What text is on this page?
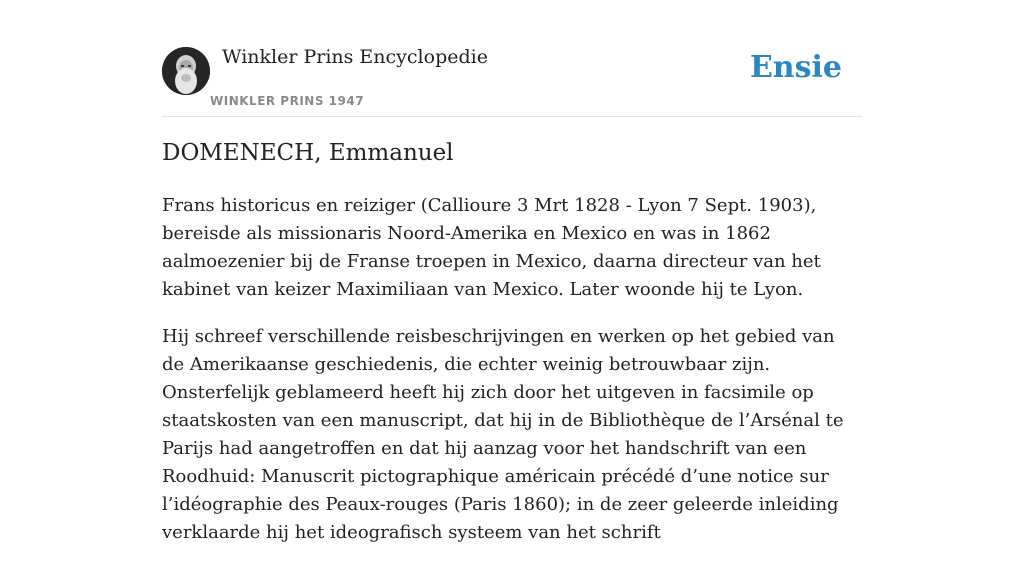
Winkler Prins Encyclopedie
WINKLER PRINS 1947
Ensie
DOMENECH, Emmanuel

Frans historicus en reiziger (Callioure 3 Mrt 1828 - Lyon 7 Sept. 1903), bereisde als missionaris Noord-Amerika en Mexico en was in 1862 aalmoezenier bij de Franse troepen in Mexico, daarna directeur van het kabinet van keizer Maximiliaan van Mexico. Later woonde hij te Lyon.

Hij schreef verschillende reisbeschrijvingen en werken op het gebied van de Amerikaanse geschiedenis, die echter weinig betrouwbaar zijn. Onsterfelijk geblameerd heeft hij zich door het uitgeven in facsimile op staatskosten van een manuscript, dat hij in de Bibliothèque de l’Arsénal te Parijs had aangetroffen en dat hij aanzag voor het handschrift van een Roodhuid: Manuscrit pictographique américain précédé d’une notice sur l’idéographie des Peaux-rouges (Paris 1860); in de zeer geleerde inleiding verklaarde hij het ideografisch systeem van het schrift
